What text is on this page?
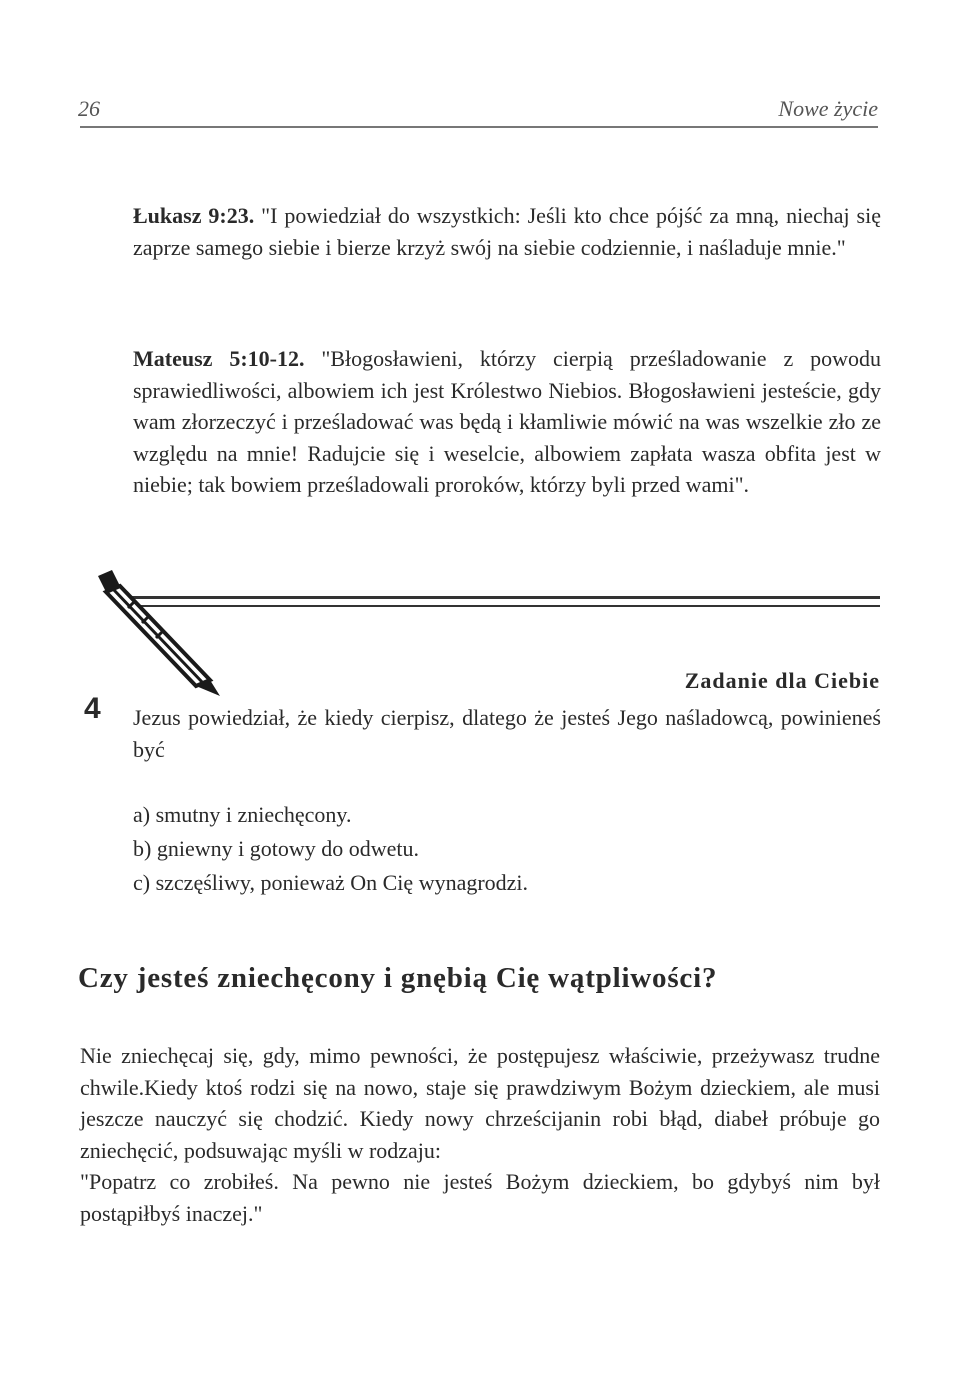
26	Nowe życie
Łukasz 9:23. "I powiedział do wszystkich: Jeśli kto chce pójść za mną, niechaj się zaprze samego siebie i bierze krzyż swój na siebie codziennie, i naśladuje mnie."
Mateusz 5:10-12. "Błogosławieni, którzy cierpią prześladowanie z powodu sprawiedliwości, albowiem ich jest Królestwo Niebios. Błogosławieni jesteście, gdy wam złorzeczyć i prześladować was będą i kłamliwie mówić na was wszelkie zło ze względu na mnie! Radujcie się i weselcie, albowiem zapłata wasza obfita jest w niebie; tak bowiem prześladowali proroków, którzy byli przed wami".
Zadanie dla Ciebie
4 Jezus powiedział, że kiedy cierpisz, dlatego że jesteś Jego naśladowcą, powinieneś być
a) smutny i zniechęcony.
b) gniewny i gotowy do odwetu.
c) szczęśliwy, ponieważ On Cię wynagrodzi.
Czy jesteś zniechęcony i gnębią Cię wątpliwości?

Nie zniechęcaj się, gdy, mimo pewności, że postępujesz właściwie, przeżywasz trudne chwile.Kiedy ktoś rodzi się na nowo, staje się prawdziwym Bożym dzieckiem, ale musi jeszcze nauczyć się chodzić. Kiedy nowy chrześcijanin robi błąd, diabeł próbuje go zniechęcić, podsuwając myśli w rodzaju:

"Popatrz co zrobiłeś. Na pewno nie jesteś Bożym dzieckiem, bo gdybyś nim był postąpiłbyś inaczej."
